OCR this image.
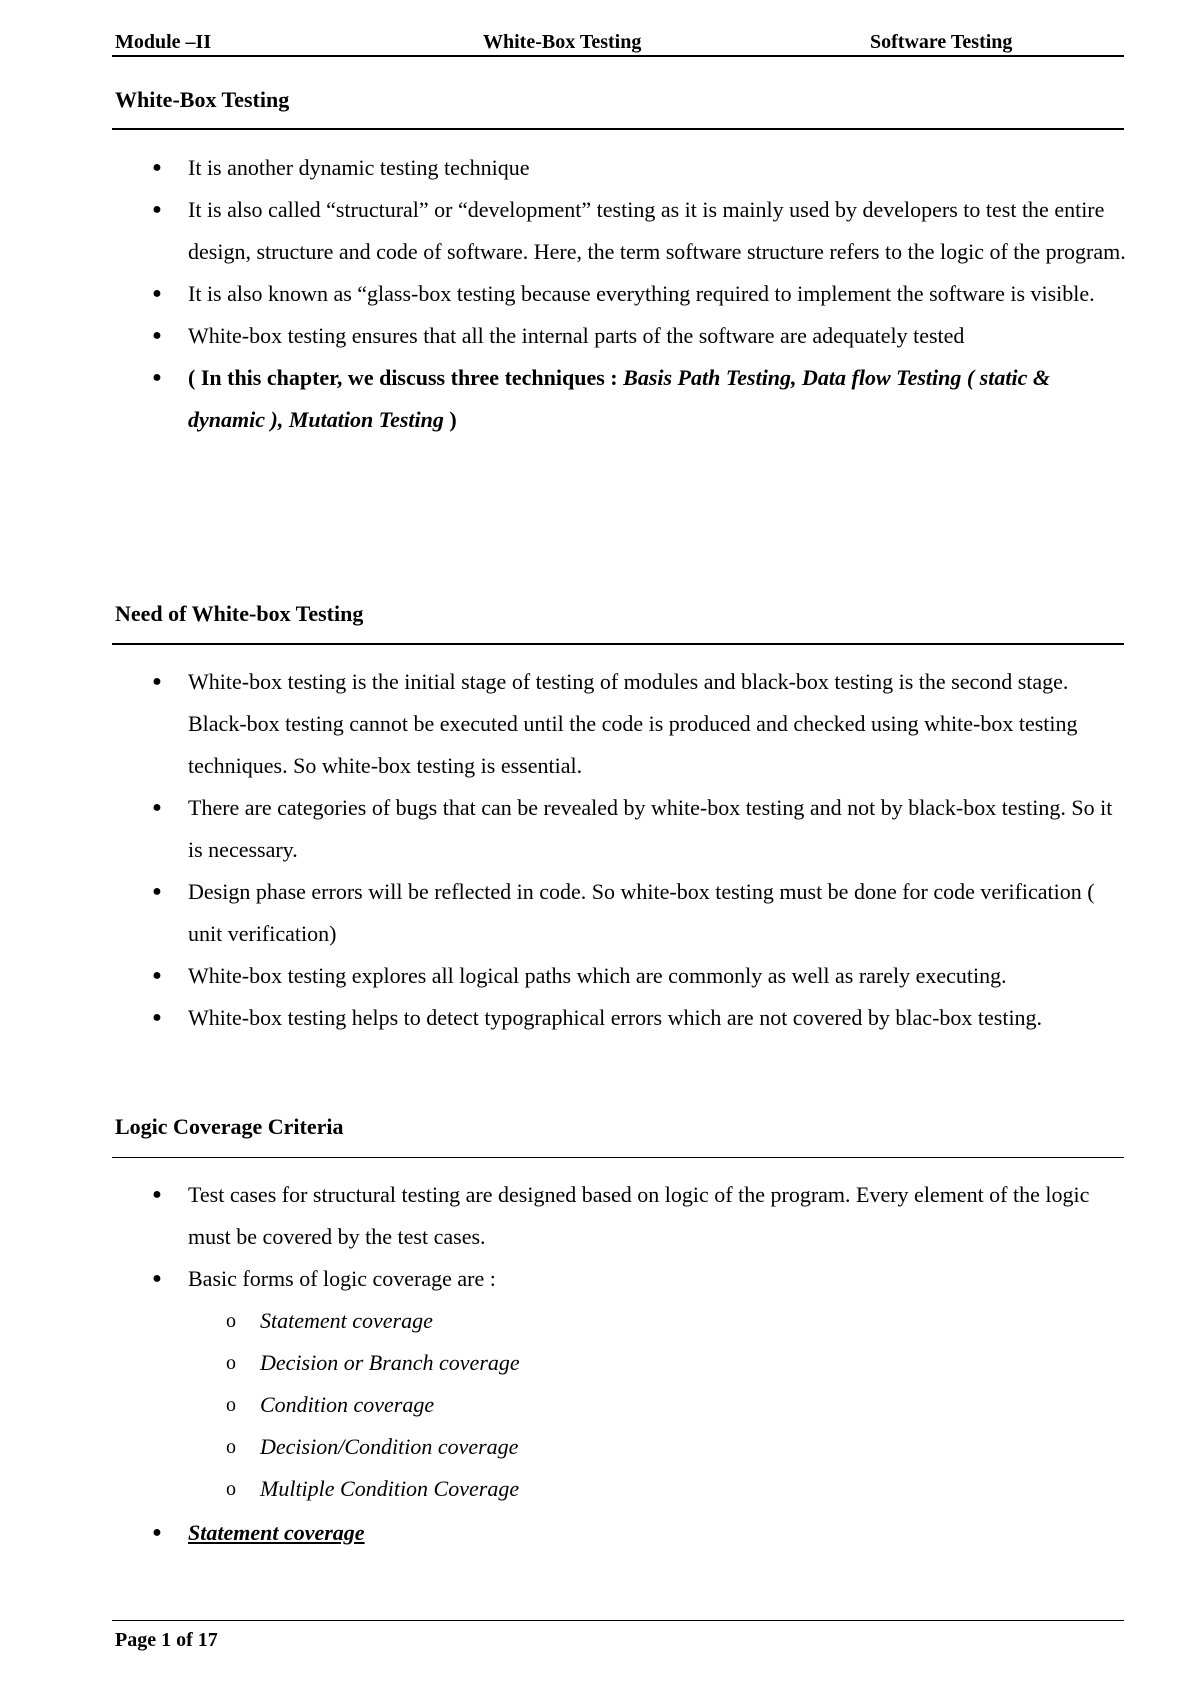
Module –II	White-Box Testing	Software Testing
White-Box Testing
● It is another dynamic testing technique
● It is also called “structural” or “development” testing as it is mainly used by developers to test the entire design, structure and code of software. Here, the term software structure refers to the logic of the program.
● It is also known as “glass-box testing because everything required to implement the software is visible.
● White-box testing ensures that all the internal parts of the software are adequately tested
● ( In this chapter, we discuss three techniques : Basis Path Testing, Data flow Testing ( static & dynamic ), Mutation Testing )
Need of White-box Testing
● White-box testing is the initial stage of testing of modules and black-box testing is the second stage. Black-box testing cannot be executed until the code is produced and checked using white-box testing techniques. So white-box testing is essential.
● There are categories of bugs that can be revealed by white-box testing and not by black-box testing. So it is necessary.
● Design phase errors will be reflected in code. So white-box testing must be done for code verification ( unit verification)
● White-box testing explores all logical paths which are commonly as well as rarely executing.
● White-box testing helps to detect typographical errors which are not covered by blac-box testing.
Logic Coverage Criteria
● Test cases for structural testing are designed based on logic of the program. Every element of the logic must be covered by the test cases.
● Basic forms of logic coverage are :
o Statement coverage
o Decision or Branch coverage
o Condition coverage
o Decision/Condition coverage
o Multiple Condition Coverage
● Statement coverage
Page 1 of 17
